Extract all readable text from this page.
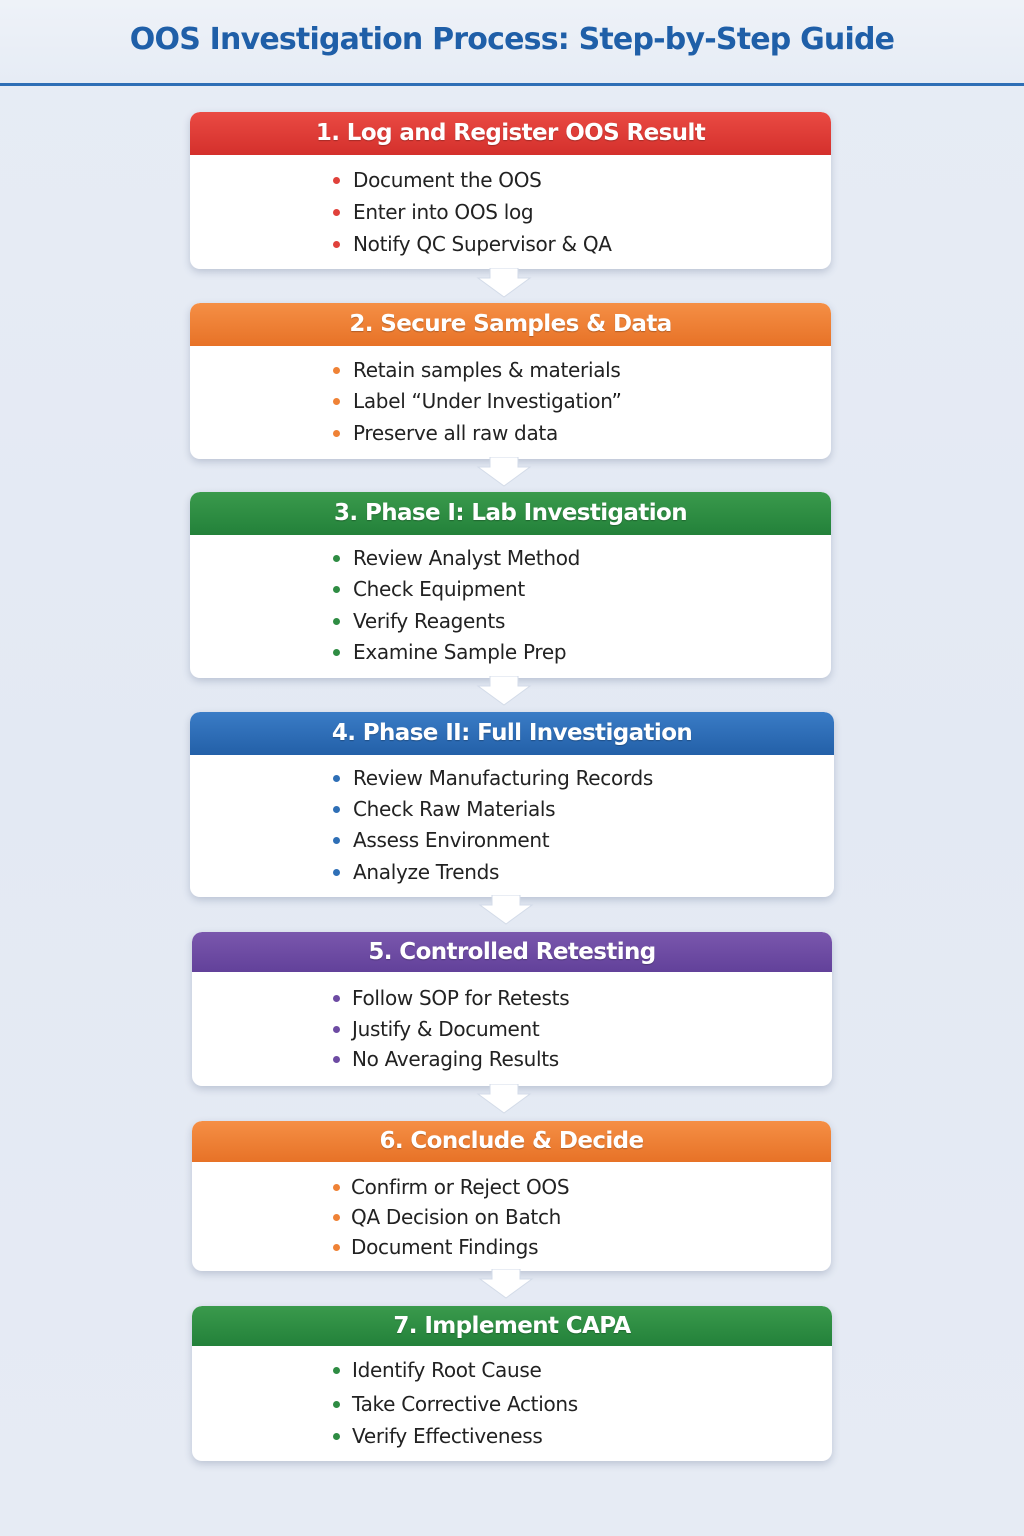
OOS Investigation Process: Step-by-Step Guide
1. Log and Register OOS Result
Document the OOS
Enter into OOS log
Notify QC Supervisor & QA
2. Secure Samples & Data
Retain samples & materials
Label “Under Investigation”
Preserve all raw data
3. Phase I: Lab Investigation
Review Analyst Method
Check Equipment
Verify Reagents
Examine Sample Prep
4. Phase II: Full Investigation
Review Manufacturing Records
Check Raw Materials
Assess Environment
Analyze Trends
5. Controlled Retesting
Follow SOP for Retests
Justify & Document
No Averaging Results
6. Conclude & Decide
Confirm or Reject OOS
QA Decision on Batch
Document Findings
7. Implement CAPA
Identify Root Cause
Take Corrective Actions
Verify Effectiveness
